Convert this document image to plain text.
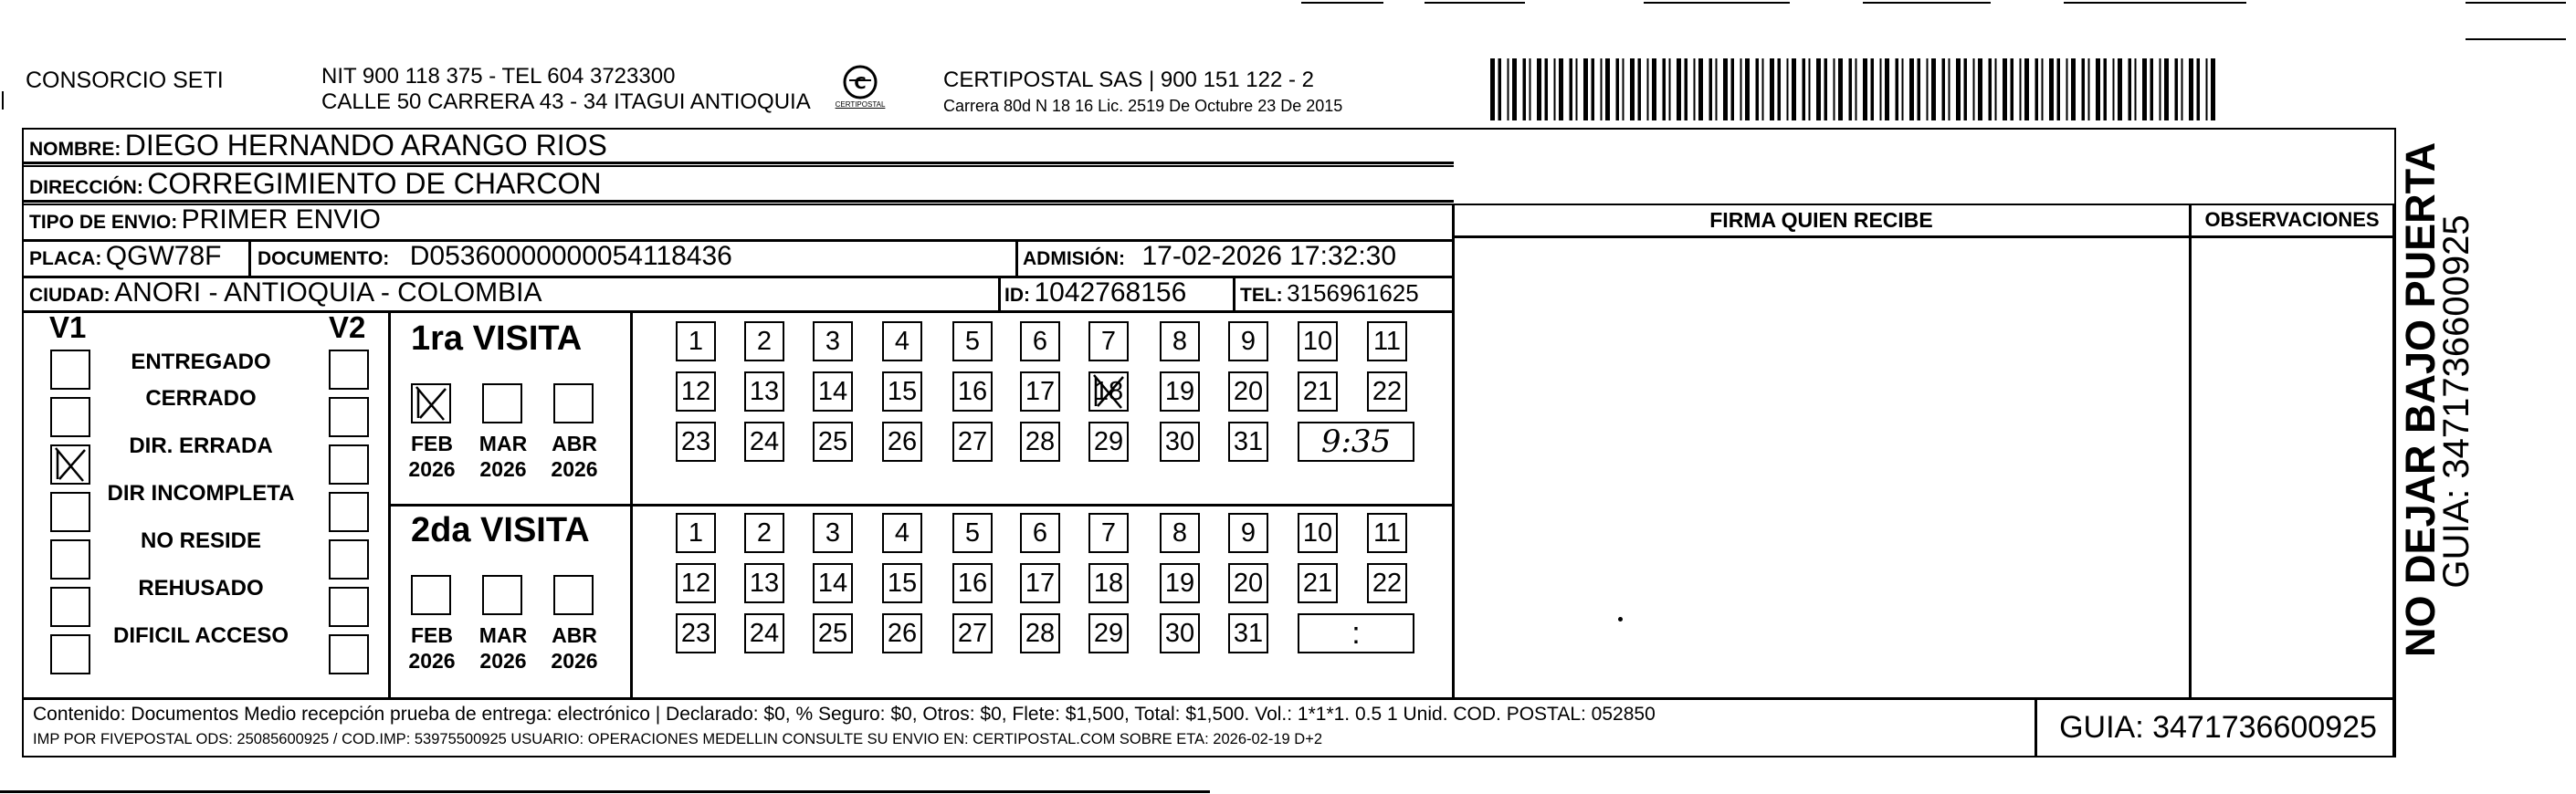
CONSORCIO SETI	NIT 900 118 375 - TEL 604 3723300
CALLE 50 CARRERA 43 - 34 ITAGUI ANTIOQUIA
C
CERTIPOSTAL
CERTIPOSTAL SAS | 900 151 122 - 2
Carrera 80d N 18 16 Lic. 2519 De Octubre 23 De 2015
NOMBRE: DIEGO HERNANDO ARANGO RIOS
DIRECCIÓN: CORREGIMIENTO DE CHARCON
TIPO DE ENVIO: PRIMER ENVIO
PLACA: QGW78F DOCUMENTO: D05360000000054118436	ADMISIÓN: 17-02-2026 17:32:30
CIUDAD: ANORI - ANTIOQUIA - COLOMBIA	ID: 1042768156	TEL: 3156961625
FIRMA QUIEN RECIBE	OBSERVACIONES
V1	V2
ENTREGADO
CERRADO
DIR. ERRADA
DIR INCOMPLETA
NO RESIDE
REHUSADO
DIFICIL ACCESO
1ra VISITA
2da VISITA
FEB
2026
MAR
2026
ABR
2026
1	2	3	4	5	6	7	8	9	10 11
12 13 14 15 16 17 18 19 20 21 22
23 24 25 26 27 28 29 30 31	9:35
FEB
2026
MAR
2026
ABR
2026
1	2	3	4	5	6	7	8	9	10 11
12 13 14 15 16 17 18 19 20 21 22
23 24 25 26 27 28 29 30 31	:
Contenido: Documentos Medio recepción prueba de entrega: electrónico | Declarado: $0, % Seguro: $0, Otros: $0, Flete: $1,500, Total: $1,500. Vol.: 1*1*1. 0.5 1 Unid. COD. POSTAL: 052850
IMP POR FIVEPOSTAL ODS: 25085600925 / COD.IMP: 53975500925 USUARIO: OPERACIONES MEDELLIN CONSULTE SU ENVIO EN: CERTIPOSTAL.COM SOBRE ETA: 2026-02-19 D+2	GUIA: 3471736600925
NO DEJAR BAJO PUERTA
GUIA: 3471736600925
